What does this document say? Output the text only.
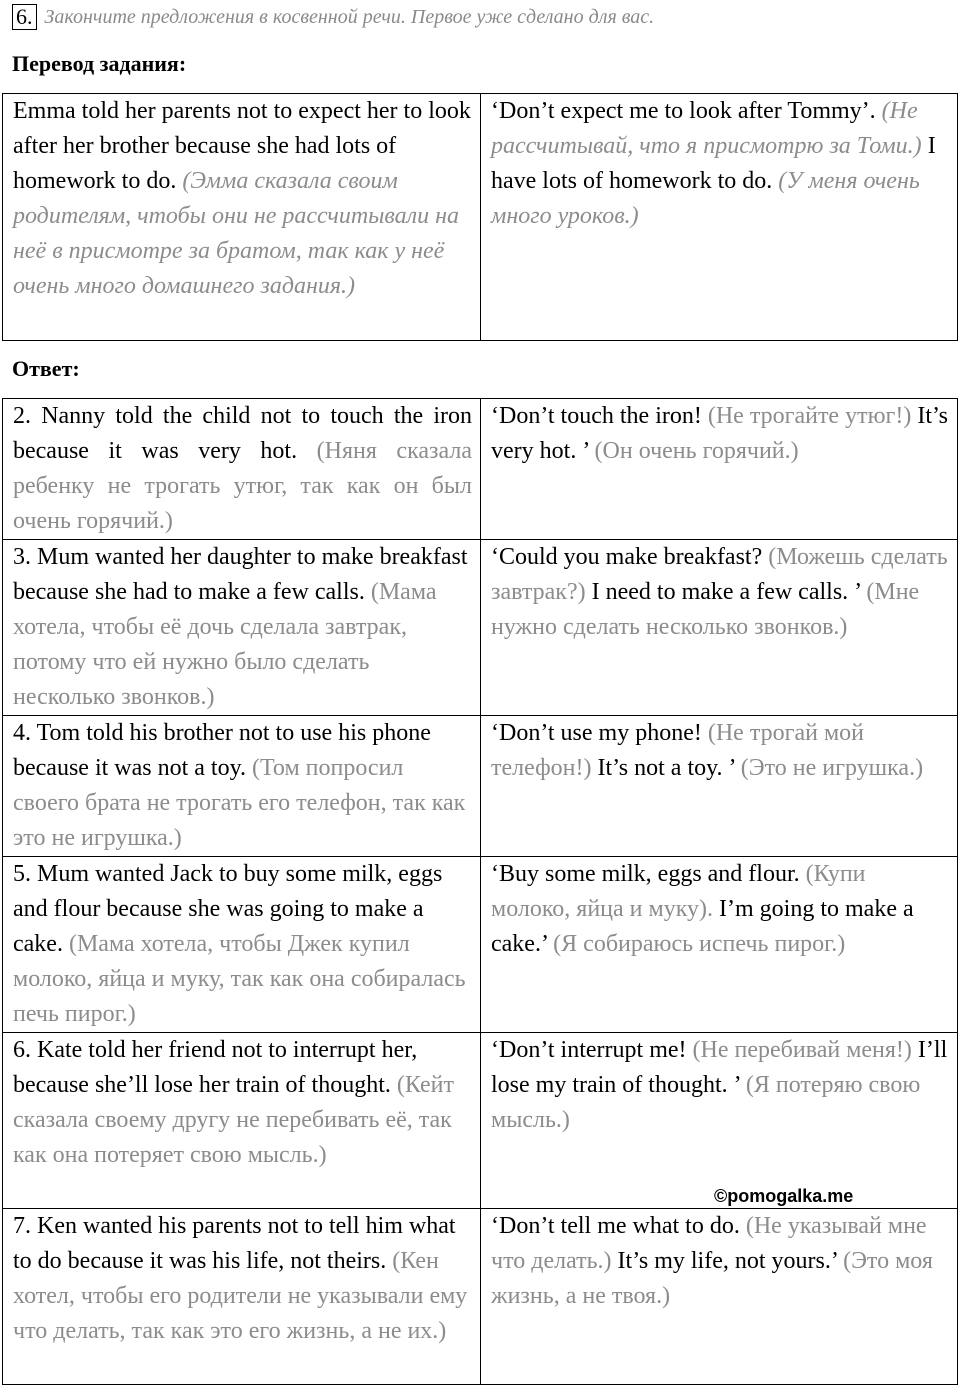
6. Закончите предложения в косвенной речи. Первое уже сделано для вас.
Перевод задания:
Emma told her parents not to expect her to look after her brother because she had lots of homework to do. (Эмма сказала своим родителям, чтобы они не рассчитывали на неё в присмотре за братом, так как у неё очень много домашнего задания.)	‘Don’t expect me to look after Tommy’. (Не рассчитывай, что я присмотрю за Томи.) I have lots of homework to do. (У меня очень много уроков.)
Ответ:
2. Nanny told the child not to touch the iron because it was very hot. (Няня сказала ребенку не трогать утюг, так как он был очень горячий.)	‘Don’t touch the iron! (Не трогайте утюг!) It’s very hot. ’ (Он очень горячий.)
3. Mum wanted her daughter to make breakfast because she had to make a few calls. (Мама хотела, чтобы её дочь сделала завтрак, потому что ей нужно было сделать несколько звонков.)	‘Could you make breakfast? (Можешь сделать завтрак?) I need to make a few calls. ’ (Мне нужно сделать несколько звонков.)
4. Tom told his brother not to use his phone because it was not a toy. (Том попросил своего брата не трогать его телефон, так как это не игрушка.)	‘Don’t use my phone! (Не трогай мой телефон!) It’s not a toy. ’ (Это не игрушка.)
5. Mum wanted Jack to buy some milk, eggs and flour because she was going to make a cake. (Мама хотела, чтобы Джек купил молоко, яйца и муку, так как она собиралась печь пирог.)	‘Buy some milk, eggs and flour. (Купи молоко, яйца и муку). I’m going to make a cake.’ (Я собираюсь испечь пирог.)
6. Kate told her friend not to interrupt her, because she’ll lose her train of thought. (Кейт сказала своему другу не перебивать её, так как она потеряет свою мысль.)	‘Don’t interrupt me! (Не перебивай меня!) I’ll lose my train of thought. ’ (Я потеряю свою мысль.)
7. Ken wanted his parents not to tell him what to do because it was his life, not theirs. (Кен хотел, чтобы его родители не указывали ему что делать, так как это его жизнь, а не их.)	‘Don’t tell me what to do. (Не указывай мне что делать.) It’s my life, not yours.’ (Это моя жизнь, а не твоя.)
©pomogalka.me
